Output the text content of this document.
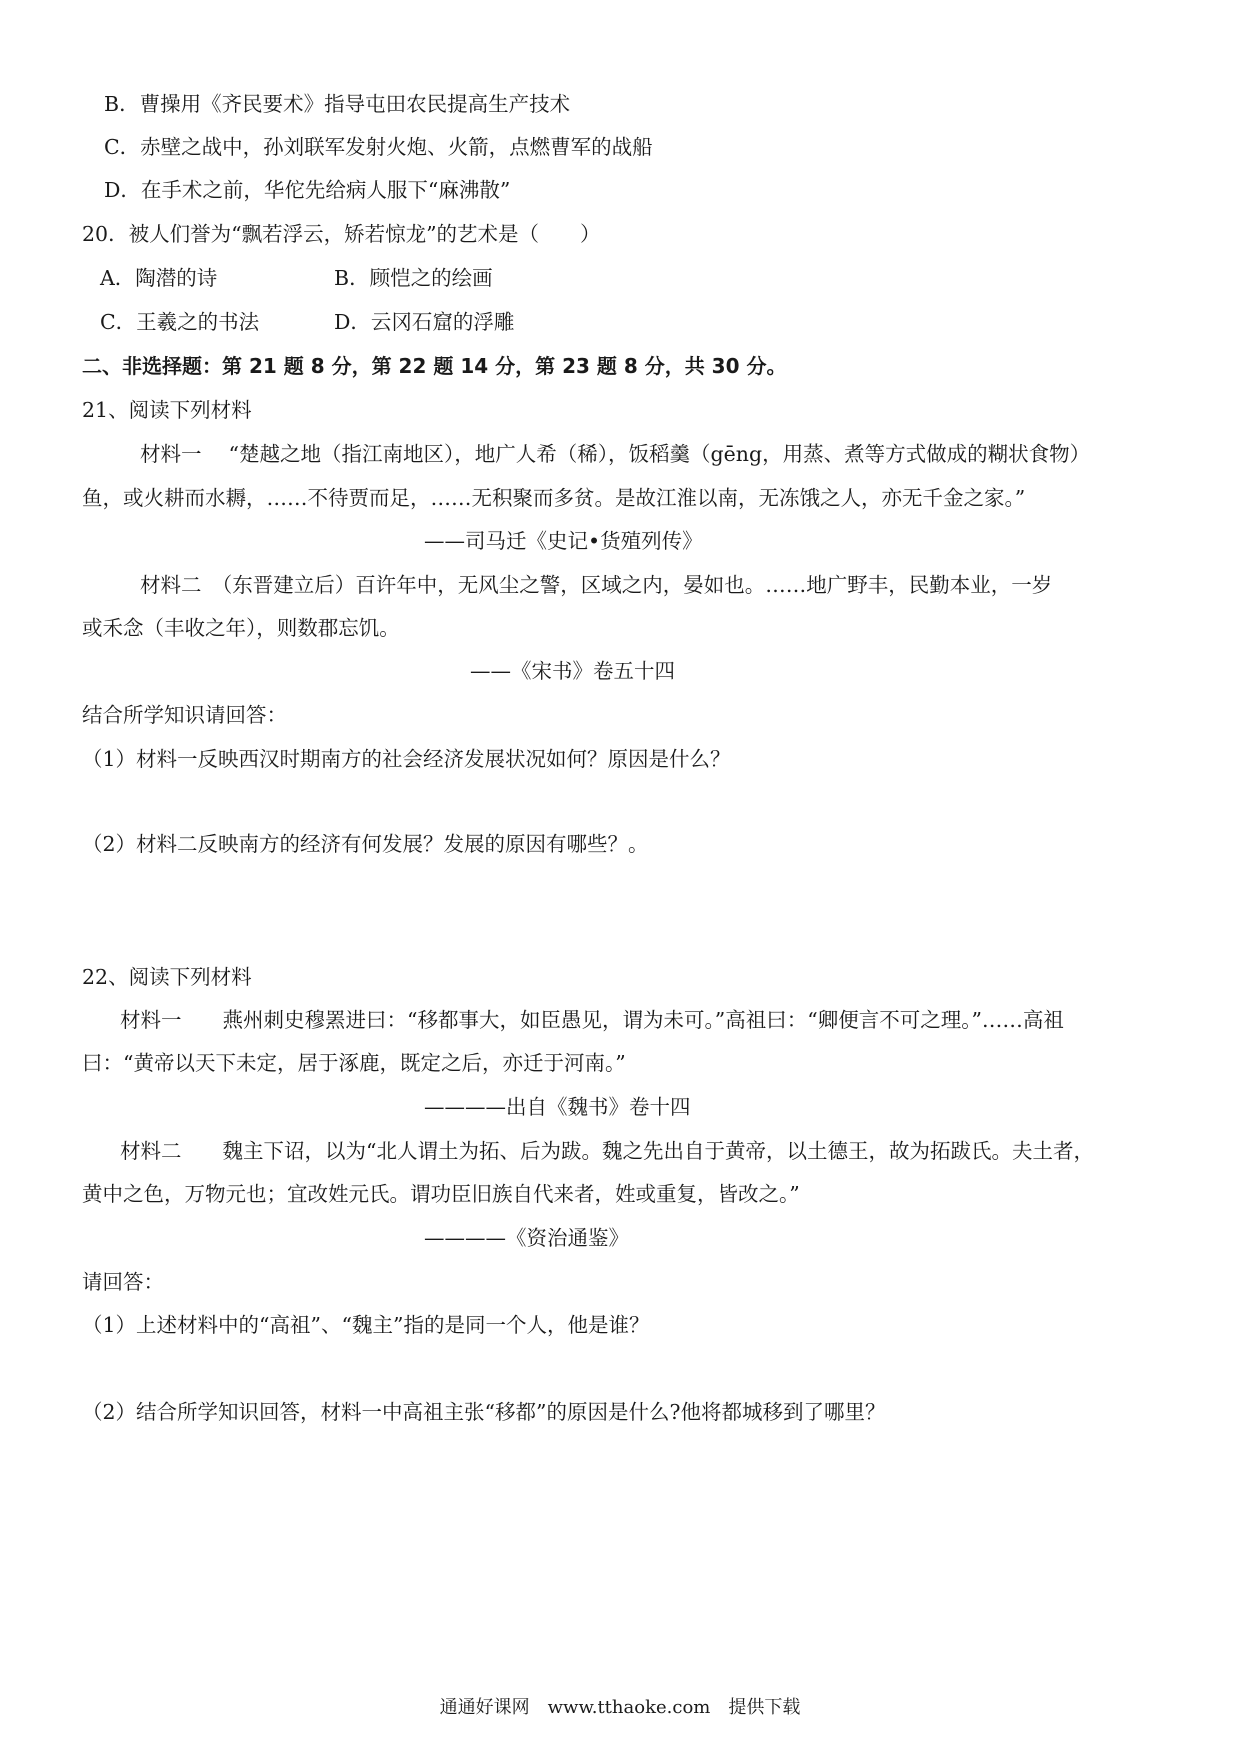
B．曹操用《齐民要术》指导屯田农民提高生产技术
C．赤壁之战中，孙刘联军发射火炮、火箭，点燃曹军的战船
D．在手术之前，华佗先给病人服下“麻沸散”
20．被人们誉为“飘若浮云，矫若惊龙”的艺术是（　　）
A．陶潜的诗	B．顾恺之的绘画
C．王羲之的书法	D．云冈石窟的浮雕
二、非选择题：第 21 题 8 分，第 22 题 14 分，第 23 题 8 分，共 30 分。
21、阅读下列材料
材料一　 “楚越之地（指江南地区），地广人希（稀），饭稻羹（gēng，用蒸、煮等方式做成的糊状食物）
鱼，或火耕而水耨，……不待贾而足，……无积聚而多贫。是故江淮以南，无冻饿之人，亦无千金之家。”
——司马迁《史记•货殖列传》
材料二　（东晋建立后）百许年中，无风尘之警，区域之内，晏如也。……地广野丰，民勤本业，一岁
或禾念（丰收之年），则数郡忘饥。
——《宋书》卷五十四
结合所学知识请回答：
（1）材料一反映西汉时期南方的社会经济发展状况如何？原因是什么？
（2）材料二反映南方的经济有何发展？发展的原因有哪些？。
22、阅读下列材料
材料一　　燕州刺史穆罴进曰：“移都事大，如臣愚见，谓为未可。”高祖曰：“卿便言不可之理。”……高祖
曰：“黄帝以天下未定，居于涿鹿，既定之后，亦迁于河南。”
————出自《魏书》卷十四
材料二　　魏主下诏，以为“北人谓土为拓、后为跋。魏之先出自于黄帝，以土德王，故为拓跋氏。夫土者，
黄中之色，万物元也；宜改姓元氏。谓功臣旧族自代来者，姓或重复，皆改之。”
————《资治通鉴》
请回答：
（1）上述材料中的“高祖”、“魏主”指的是同一个人，他是谁？
（2）结合所学知识回答，材料一中高祖主张“移都”的原因是什么?他将都城移到了哪里？
通通好课网　www.tthaoke.com　提供下载
